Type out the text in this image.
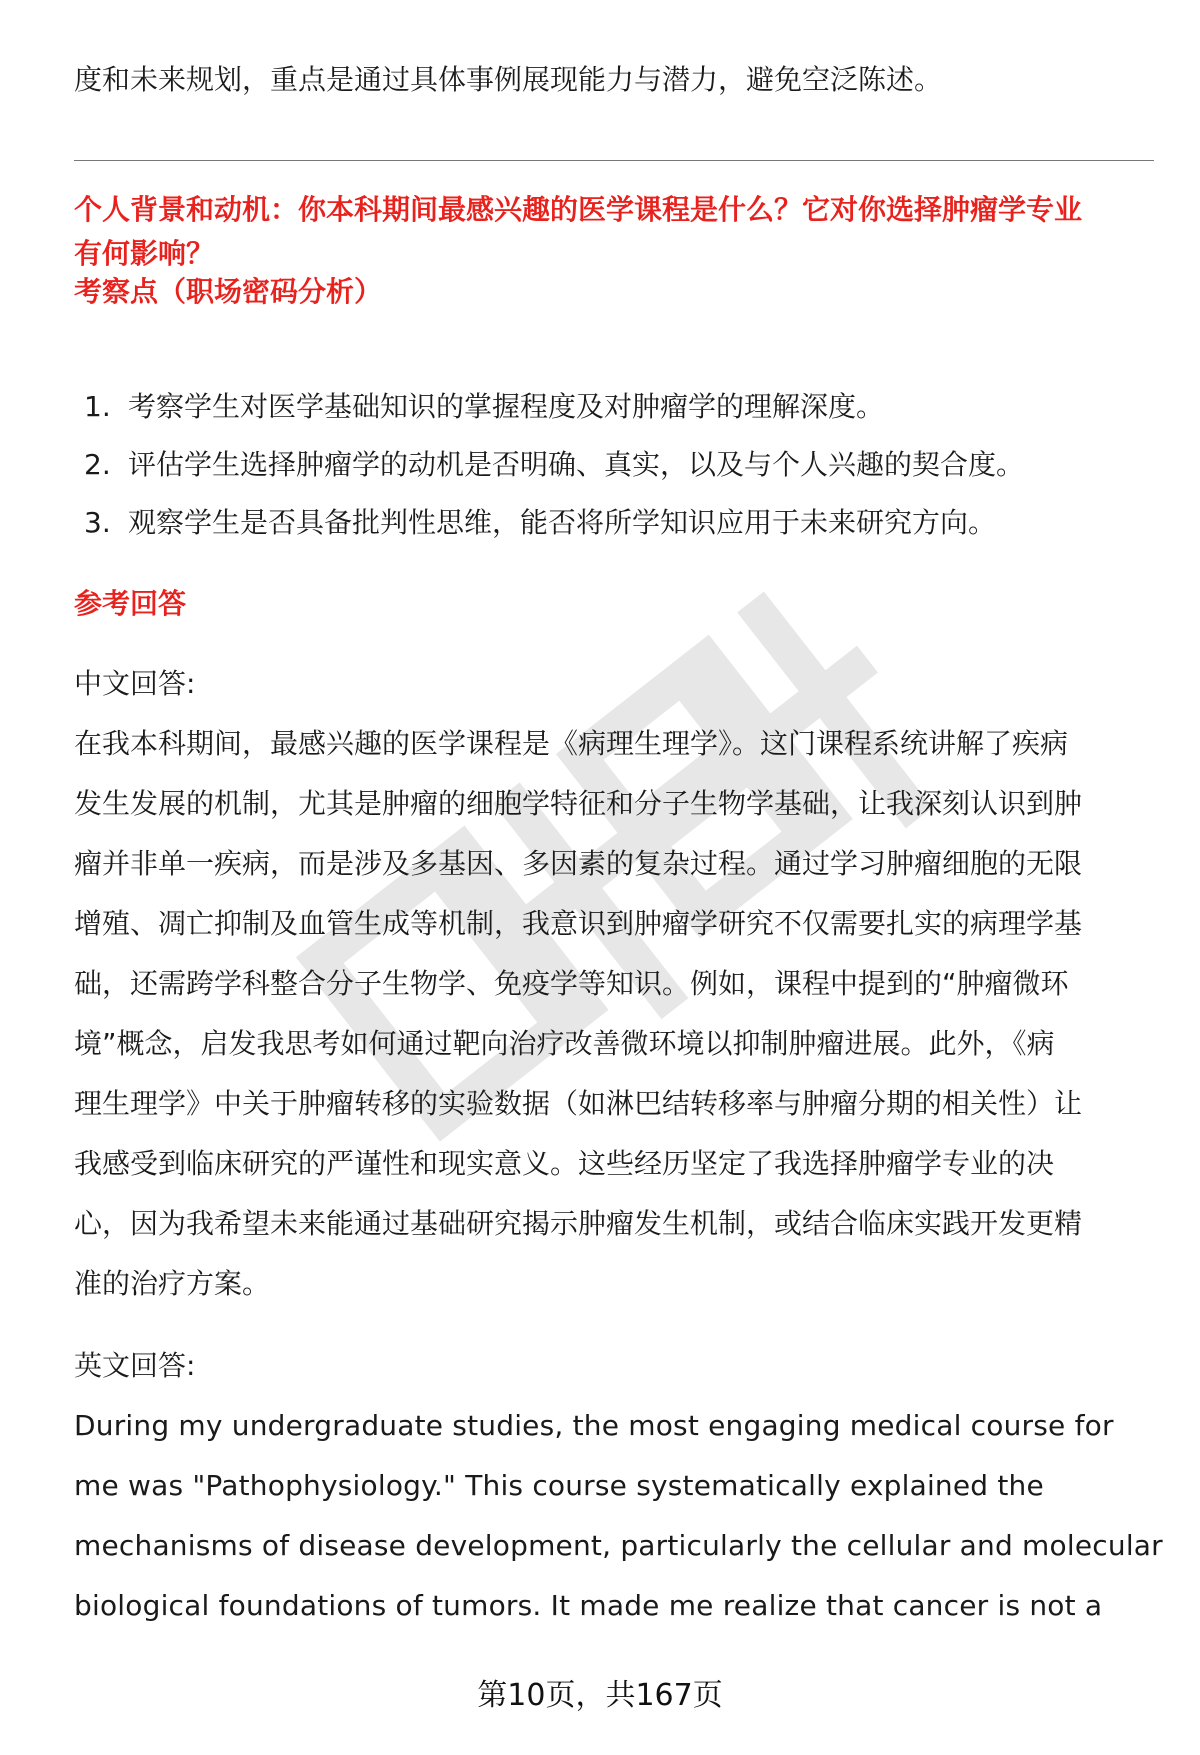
度和未来规划，重点是通过具体事例展现能力与潜力，避免空泛陈述。
个人背景和动机：你本科期间最感兴趣的医学课程是什么？它对你选择肿瘤学专业
有何影响？
考察点（职场密码分析）
1. 考察学生对医学基础知识的掌握程度及对肿瘤学的理解深度。
2. 评估学生选择肿瘤学的动机是否明确、真实，以及与个人兴趣的契合度。
3. 观察学生是否具备批判性思维，能否将所学知识应用于未来研究方向。
参考回答
中文回答:
在我本科期间，最感兴趣的医学课程是《病理生理学》。这门课程系统讲解了疾病
发生发展的机制，尤其是肿瘤的细胞学特征和分子生物学基础，让我深刻认识到肿
瘤并非单一疾病，而是涉及多基因、多因素的复杂过程。通过学习肿瘤细胞的无限
增殖、凋亡抑制及血管生成等机制，我意识到肿瘤学研究不仅需要扎实的病理学基
础，还需跨学科整合分子生物学、免疫学等知识。例如，课程中提到的“肿瘤微环
境”概念，启发我思考如何通过靶向治疗改善微环境以抑制肿瘤进展。此外，《病
理生理学》中关于肿瘤转移的实验数据（如淋巴结转移率与肿瘤分期的相关性）让
我感受到临床研究的严谨性和现实意义。这些经历坚定了我选择肿瘤学专业的决
心，因为我希望未来能通过基础研究揭示肿瘤发生机制，或结合临床实践开发更精
准的治疗方案。
英文回答:
During my undergraduate studies, the most engaging medical course for
me was "Pathophysiology." This course systematically explained the
mechanisms of disease development, particularly the cellular and molecular
biological foundations of tumors. It made me realize that cancer is not a
第10页，共167页
